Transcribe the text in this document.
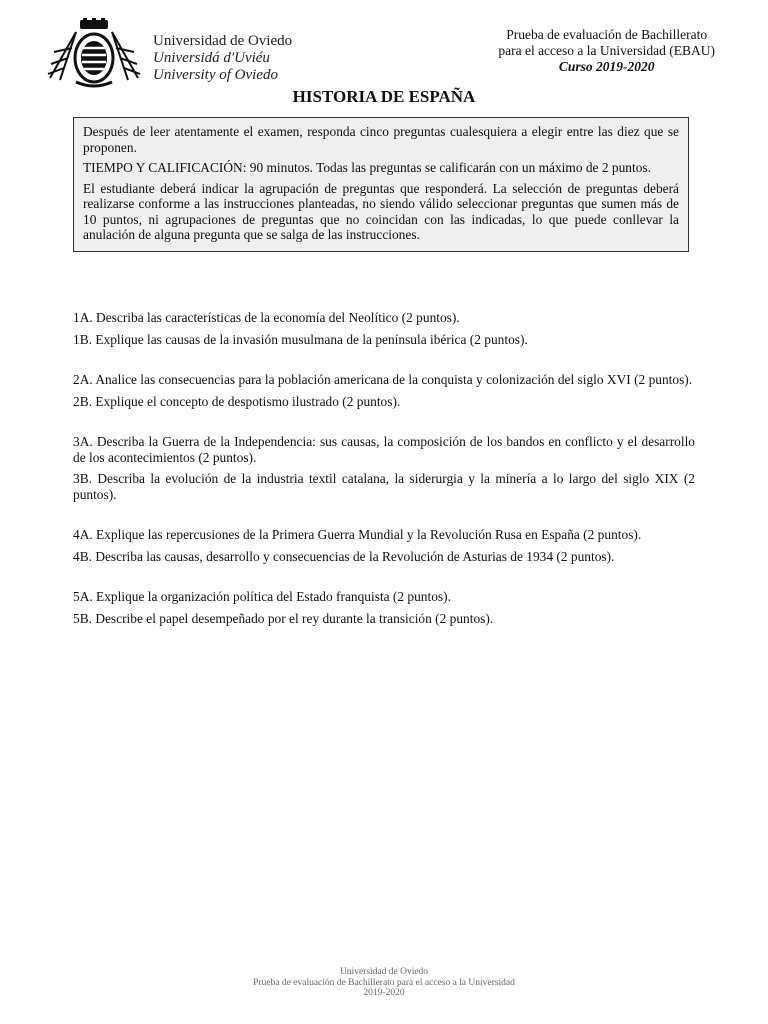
Universidad de Oviedo
Universidá d'Uviéu
University of Oviedo
Prueba de evaluación de Bachillerato
para el acceso a la Universidad (EBAU)
Curso 2019-2020
HISTORIA DE ESPAÑA

Después de leer atentamente el examen, responda cinco preguntas cualesquiera a elegir entre las diez que se proponen.

TIEMPO Y CALIFICACIÓN: 90 minutos. Todas las preguntas se calificarán con un máximo de 2 puntos.

El estudiante deberá indicar la agrupación de preguntas que responderá. La selección de preguntas deberá realizarse conforme a las instrucciones planteadas, no siendo válido seleccionar preguntas que sumen más de 10 puntos, ni agrupaciones de preguntas que no coincidan con las indicadas, lo que puede conllevar la anulación de alguna pregunta que se salga de las instrucciones.

1A. Describa las características de la economía del Neolítico (2 puntos).

1B. Explique las causas de la invasión musulmana de la península ibérica (2 puntos).

2A. Analice las consecuencias para la población americana de la conquista y colonización del siglo XVI (2 puntos).

2B. Explique el concepto de despotismo ilustrado (2 puntos).

3A. Describa la Guerra de la Independencia: sus causas, la composición de los bandos en conflicto y el desarrollo de los acontecimientos (2 puntos).

3B. Describa la evolución de la industria textil catalana, la siderurgia y la minería a lo largo del siglo XIX (2 puntos).

4A. Explique las repercusiones de la Primera Guerra Mundial y la Revolución Rusa en España (2 puntos).

4B. Describa las causas, desarrollo y consecuencias de la Revolución de Asturias de 1934 (2 puntos).

5A. Explique la organización política del Estado franquista (2 puntos).

5B. Describe el papel desempeñado por el rey durante la transición (2 puntos).

Universidad de Oviedo
Prueba de evaluación de Bachillerato para el acceso a la Universidad
2019-2020
